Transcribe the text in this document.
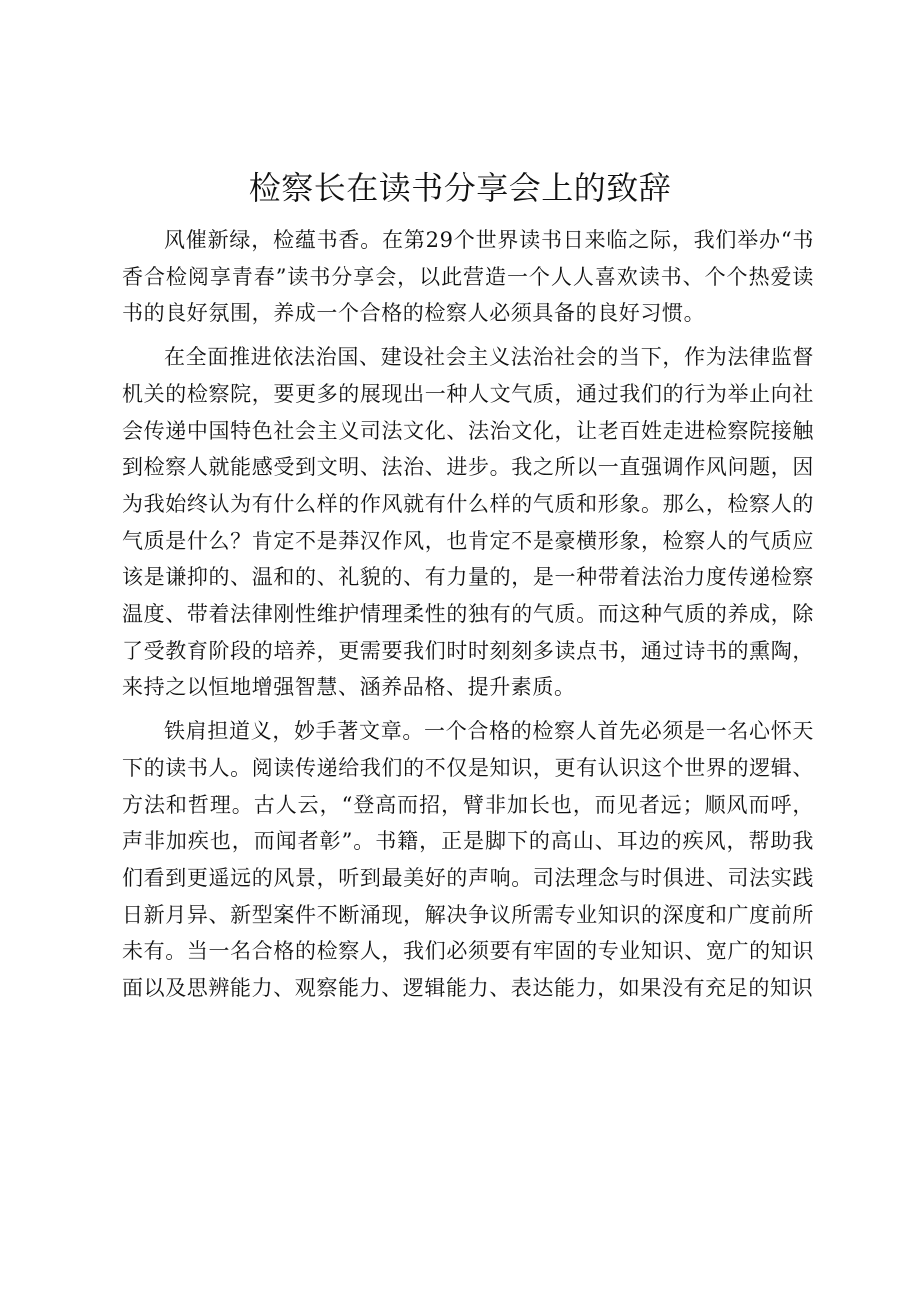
检察长在读书分享会上的致辞

风催新绿，检蕴书香。在第29个世界读书日来临之际，我们举办“书香合检阅享青春”读书分享会，以此营造一个人人喜欢读书、个个热爱读书的良好氛围，养成一个合格的检察人必须具备的良好习惯。

在全面推进依法治国、建设社会主义法治社会的当下，作为法律监督机关的检察院，要更多的展现出一种人文气质，通过我们的行为举止向社会传递中国特色社会主义司法文化、法治文化，让老百姓走进检察院接触到检察人就能感受到文明、法治、进步。我之所以一直强调作风问题，因为我始终认为有什么样的作风就有什么样的气质和形象。那么，检察人的气质是什么？肯定不是莽汉作风，也肯定不是豪横形象，检察人的气质应该是谦抑的、温和的、礼貌的、有力量的，是一种带着法治力度传递检察温度、带着法律刚性维护情理柔性的独有的气质。而这种气质的养成，除了受教育阶段的培养，更需要我们时时刻刻多读点书，通过诗书的熏陶，来持之以恒地增强智慧、涵养品格、提升素质。

铁肩担道义，妙手著文章。一个合格的检察人首先必须是一名心怀天下的读书人。阅读传递给我们的不仅是知识，更有认识这个世界的逻辑、方法和哲理。古人云，“登高而招，臂非加长也，而见者远；顺风而呼，声非加疾也，而闻者彰”。书籍，正是脚下的高山、耳边的疾风，帮助我们看到更遥远的风景，听到最美好的声响。司法理念与时俱进、司法实践日新月异、新型案件不断涌现，解决争议所需专业知识的深度和广度前所未有。当一名合格的检察人，我们必须要有牢固的专业知识、宽广的知识面以及思辨能力、观察能力、逻辑能力、表达能力，如果没有充足的知识
